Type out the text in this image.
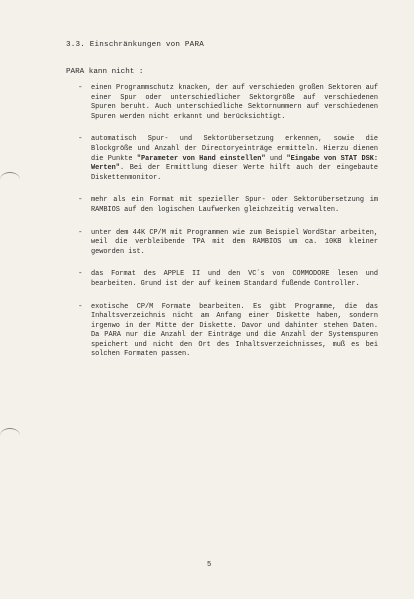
3.3. Einschränkungen von PARA
PARA kann nicht :
- einen Programmschutz knacken, der auf verschieden großen Sektoren auf einer Spur oder unterschiedlicher Sektorgröße auf verschiedenen Spuren beruht. Auch unterschiedliche Sektornummern auf verschiedenen Spuren werden nicht erkannt und berücksichtigt.
- automatisch Spur- und Sektorübersetzung erkennen, sowie die Blockgröße und Anzahl der Directoryeinträge ermitteln. Hierzu dienen die Punkte "Parameter von Hand einstellen" und "Eingabe von STAT DSK: Werten". Bei der Ermittlung dieser Werte hilft auch der eingebaute Diskettenmonitor.
- mehr als ein Format mit spezieller Spur- oder Sektorübersetzung im RAMBIOS auf den logischen Laufwerken gleichzeitig verwalten.
- unter dem 44K CP/M mit Programmen wie zum Beispiel WordStar arbeiten, weil die verbleibende TPA mit dem RAMBIOS um ca. 10KB kleiner geworden ist.
- das Format des APPLE II und den VC´s von COMMODORE lesen und bearbeiten. Grund ist der auf keinem Standard fußende Controller.
- exotische CP/M Formate bearbeiten. Es gibt Programme, die das Inhaltsverzeichnis nicht am Anfang einer Diskette haben, sondern irgenwo in der Mitte der Diskette. Davor und dahinter stehen Daten. Da PARA nur die Anzahl der Einträge und die Anzahl der Systemspuren speichert und nicht den Ort des Inhaltsverzeichnisses, muß es bei solchen Formaten passen.
5
